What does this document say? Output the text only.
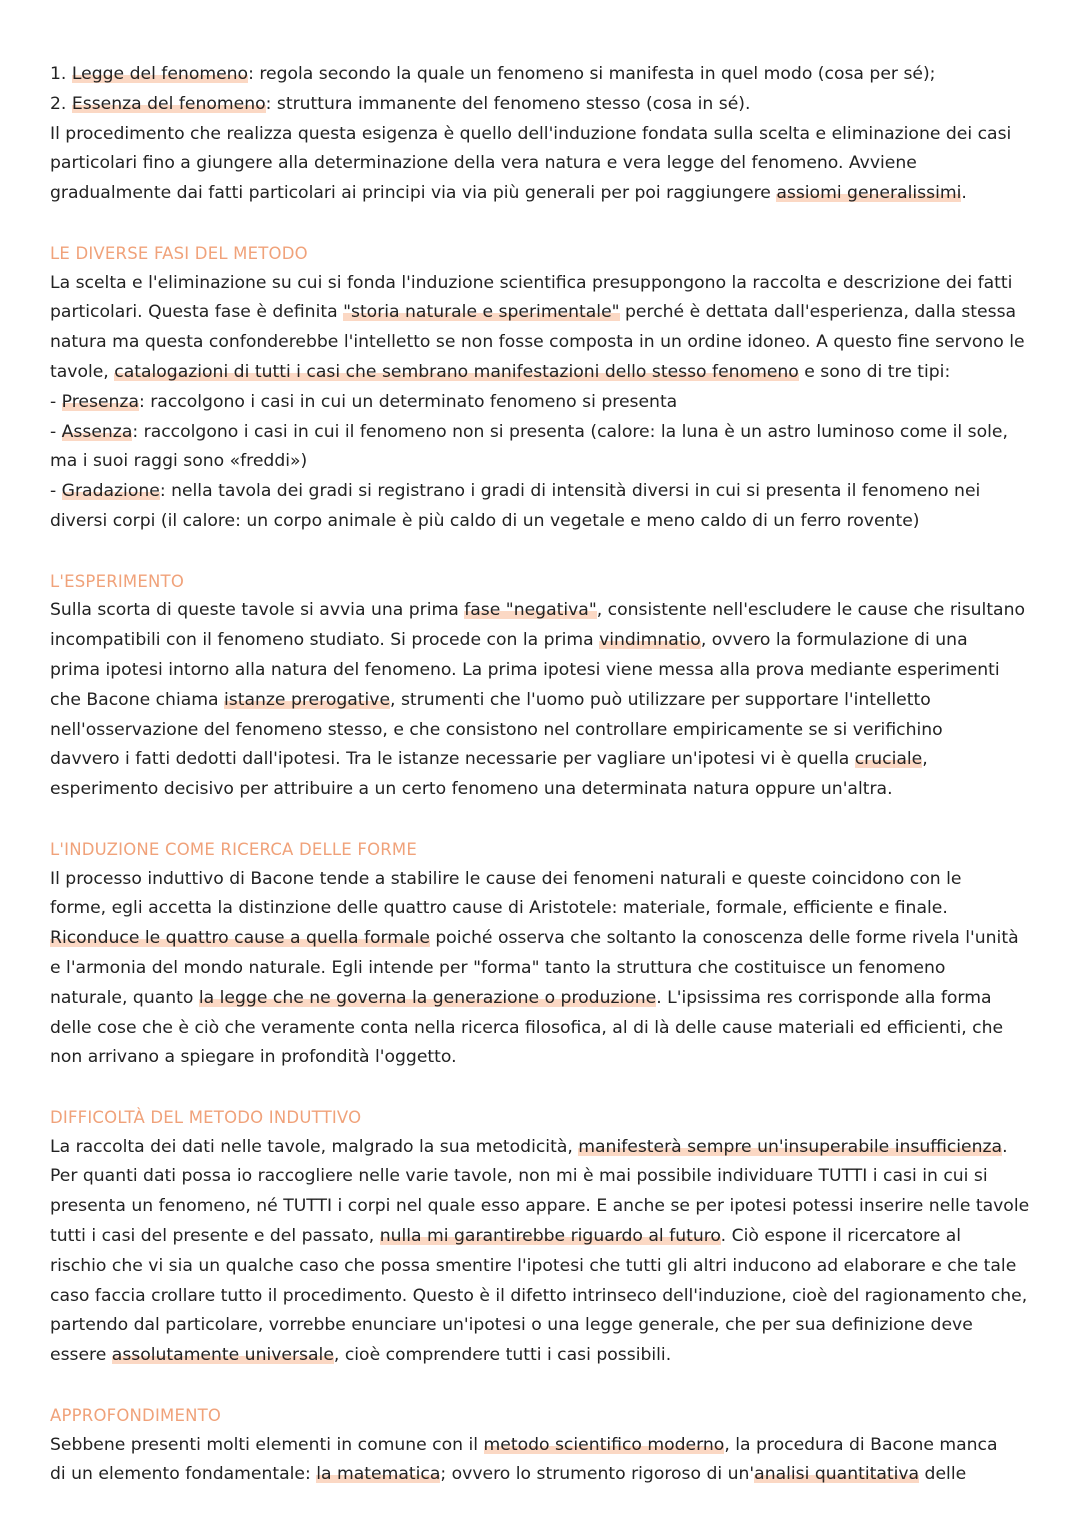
1. Legge del fenomeno: regola secondo la quale un fenomeno si manifesta in quel modo (cosa per sé);
2. Essenza del fenomeno: struttura immanente del fenomeno stesso (cosa in sé).
Il procedimento che realizza questa esigenza è quello dell'induzione fondata sulla scelta e eliminazione dei casi
particolari fino a giungere alla determinazione della vera natura e vera legge del fenomeno. Avviene
gradualmente dai fatti particolari ai principi via via più generali per poi raggiungere assiomi generalissimi.
LE DIVERSE FASI DEL METODO
La scelta e l'eliminazione su cui si fonda l'induzione scientifica presuppongono la raccolta e descrizione dei fatti
particolari. Questa fase è definita "storia naturale e sperimentale" perché è dettata dall'esperienza, dalla stessa
natura ma questa confonderebbe l'intelletto se non fosse composta in un ordine idoneo. A questo fine servono le
tavole, catalogazioni di tutti i casi che sembrano manifestazioni dello stesso fenomeno e sono di tre tipi:
- Presenza: raccolgono i casi in cui un determinato fenomeno si presenta
- Assenza: raccolgono i casi in cui il fenomeno non si presenta (calore: la luna è un astro luminoso come il sole,
ma i suoi raggi sono «freddi»)
- Gradazione: nella tavola dei gradi si registrano i gradi di intensità diversi in cui si presenta il fenomeno nei
diversi corpi (il calore: un corpo animale è più caldo di un vegetale e meno caldo di un ferro rovente)
L'ESPERIMENTO
Sulla scorta di queste tavole si avvia una prima fase "negativa", consistente nell'escludere le cause che risultano
incompatibili con il fenomeno studiato. Si procede con la prima vindimnatio, ovvero la formulazione di una
prima ipotesi intorno alla natura del fenomeno. La prima ipotesi viene messa alla prova mediante esperimenti
che Bacone chiama istanze prerogative, strumenti che l'uomo può utilizzare per supportare l'intelletto
nell'osservazione del fenomeno stesso, e che consistono nel controllare empiricamente se si verifichino
davvero i fatti dedotti dall'ipotesi. Tra le istanze necessarie per vagliare un'ipotesi vi è quella cruciale,
esperimento decisivo per attribuire a un certo fenomeno una determinata natura oppure un'altra.
L'INDUZIONE COME RICERCA DELLE FORME
Il processo induttivo di Bacone tende a stabilire le cause dei fenomeni naturali e queste coincidono con le
forme, egli accetta la distinzione delle quattro cause di Aristotele: materiale, formale, efficiente e finale.
Riconduce le quattro cause a quella formale poiché osserva che soltanto la conoscenza delle forme rivela l'unità
e l'armonia del mondo naturale. Egli intende per "forma" tanto la struttura che costituisce un fenomeno
naturale, quanto la legge che ne governa la generazione o produzione. L'ipsissima res corrisponde alla forma
delle cose che è ciò che veramente conta nella ricerca filosofica, al di là delle cause materiali ed efficienti, che
non arrivano a spiegare in profondità l'oggetto.
DIFFICOLTÀ DEL METODO INDUTTIVO
La raccolta dei dati nelle tavole, malgrado la sua metodicità, manifesterà sempre un'insuperabile insufficienza.
Per quanti dati possa io raccogliere nelle varie tavole, non mi è mai possibile individuare TUTTI i casi in cui si
presenta un fenomeno, né TUTTI i corpi nel quale esso appare. E anche se per ipotesi potessi inserire nelle tavole
tutti i casi del presente e del passato, nulla mi garantirebbe riguardo al futuro. Ciò espone il ricercatore al
rischio che vi sia un qualche caso che possa smentire l'ipotesi che tutti gli altri inducono ad elaborare e che tale
caso faccia crollare tutto il procedimento. Questo è il difetto intrinseco dell'induzione, cioè del ragionamento che,
partendo dal particolare, vorrebbe enunciare un'ipotesi o una legge generale, che per sua definizione deve
essere assolutamente universale, cioè comprendere tutti i casi possibili.
APPROFONDIMENTO
Sebbene presenti molti elementi in comune con il metodo scientifico moderno, la procedura di Bacone manca
di un elemento fondamentale: la matematica; ovvero lo strumento rigoroso di un'analisi quantitativa delle
